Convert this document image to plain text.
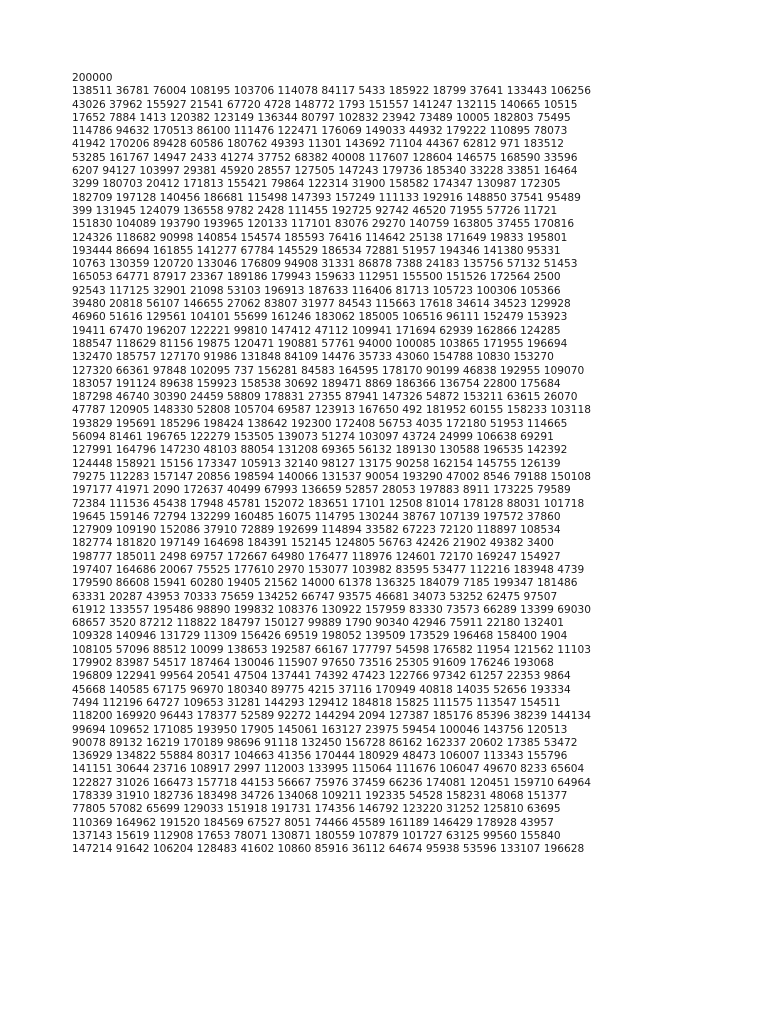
200000
138511 36781 76004 108195 103706 114078 84117 5433 185922 18799 37641 133443 106256
43026 37962 155927 21541 67720 4728 148772 1793 151557 141247 132115 140665 10515
17652 7884 1413 120382 123149 136344 80797 102832 23942 73489 10005 182803 75495
114786 94632 170513 86100 111476 122471 176069 149033 44932 179222 110895 78073
41942 170206 89428 60586 180762 49393 11301 143692 71104 44367 62812 971 183512
53285 161767 14947 2433 41274 37752 68382 40008 117607 128604 146575 168590 33596
6207 94127 103997 29381 45920 28557 127505 147243 179736 185340 33228 33851 16464
3299 180703 20412 171813 155421 79864 122314 31900 158582 174347 130987 172305
182709 197128 140456 186681 115498 147393 157249 111133 192916 148850 37541 95489
399 131945 124079 136558 9782 2428 111455 192725 92742 46520 71955 57726 11721
151830 104089 193790 193965 120133 117101 83076 29270 140759 163805 37455 170816
124326 118682 90998 140854 154574 185593 76416 114642 25138 171649 19833 195801
193444 86694 161855 141277 67784 145529 186534 72881 51957 194346 141380 95331
10763 130359 120720 133046 176809 94908 31331 86878 7388 24183 135756 57132 51453
165053 64771 87917 23367 189186 179943 159633 112951 155500 151526 172564 2500
92543 117125 32901 21098 53103 196913 187633 116406 81713 105723 100306 105366
39480 20818 56107 146655 27062 83807 31977 84543 115663 17618 34614 34523 129928
46960 51616 129561 104101 55699 161246 183062 185005 106516 96111 152479 153923
19411 67470 196207 122221 99810 147412 47112 109941 171694 62939 162866 124285
188547 118629 81156 19875 120471 190881 57761 94000 100085 103865 171955 196694
132470 185757 127170 91986 131848 84109 14476 35733 43060 154788 10830 153270
127320 66361 97848 102095 737 156281 84583 164595 178170 90199 46838 192955 109070
183057 191124 89638 159923 158538 30692 189471 8869 186366 136754 22800 175684
187298 46740 30390 24459 58809 178831 27355 87941 147326 54872 153211 63615 26070
47787 120905 148330 52808 105704 69587 123913 167650 492 181952 60155 158233 103118
193829 195691 185296 198424 138642 192300 172408 56753 4035 172180 51953 114665
56094 81461 196765 122279 153505 139073 51274 103097 43724 24999 106638 69291
127991 164796 147230 48103 88054 131208 69365 56132 189130 130588 196535 142392
124448 158921 15156 173347 105913 32140 98127 13175 90258 162154 145755 126139
79275 112283 157147 20856 198594 140066 131537 90054 193290 47002 8546 79188 150108
197177 41971 2090 172637 40499 67993 136659 52857 28053 197883 8911 173225 79589
72384 111536 45438 17948 45781 152072 183651 17101 12508 81014 178128 88031 101718
19645 159146 72794 132299 160485 16075 114795 130244 38767 107139 197572 37860
127909 109190 152086 37910 72889 192699 114894 33582 67223 72120 118897 108534
182774 181820 197149 164698 184391 152145 124805 56763 42426 21902 49382 3400
198777 185011 2498 69757 172667 64980 176477 118976 124601 72170 169247 154927
197407 164686 20067 75525 177610 2970 153077 103982 83595 53477 112216 183948 4739
179590 86608 15941 60280 19405 21562 14000 61378 136325 184079 7185 199347 181486
63331 20287 43953 70333 75659 134252 66747 93575 46681 34073 53252 62475 97507
61912 133557 195486 98890 199832 108376 130922 157959 83330 73573 66289 13399 69030
68657 3520 87212 118822 184797 150127 99889 1790 90340 42946 75911 22180 132401
109328 140946 131729 11309 156426 69519 198052 139509 173529 196468 158400 1904
108105 57096 88512 10099 138653 192587 66167 177797 54598 176582 11954 121562 11103
179902 83987 54517 187464 130046 115907 97650 73516 25305 91609 176246 193068
196809 122941 99564 20541 47504 137441 74392 47423 122766 97342 61257 22353 9864
45668 140585 67175 96970 180340 89775 4215 37116 170949 40818 14035 52656 193334
7494 112196 64727 109653 31281 144293 129412 184818 15825 111575 113547 154511
118200 169920 96443 178377 52589 92272 144294 2094 127387 185176 85396 38239 144134
99694 109652 171085 193950 17905 145061 163127 23975 59454 100046 143756 120513
90078 89132 16219 170189 98696 91118 132450 156728 86162 162337 20602 17385 53472
136929 134822 55884 80317 104663 41356 170444 180929 48473 106007 113343 155796
141151 30644 23716 108917 2997 112003 133995 115064 111676 106047 49670 8233 65604
122827 31026 166473 157718 44153 56667 75976 37459 66236 174081 120451 159710 64964
178339 31910 182736 183498 34726 134068 109211 192335 54528 158231 48068 151377
77805 57082 65699 129033 151918 191731 174356 146792 123220 31252 125810 63695
110369 164962 191520 184569 67527 8051 74466 45589 161189 146429 178928 43957
137143 15619 112908 17653 78071 130871 180559 107879 101727 63125 99560 155840
147214 91642 106204 128483 41602 10860 85916 36112 64674 95938 53596 133107 196628
